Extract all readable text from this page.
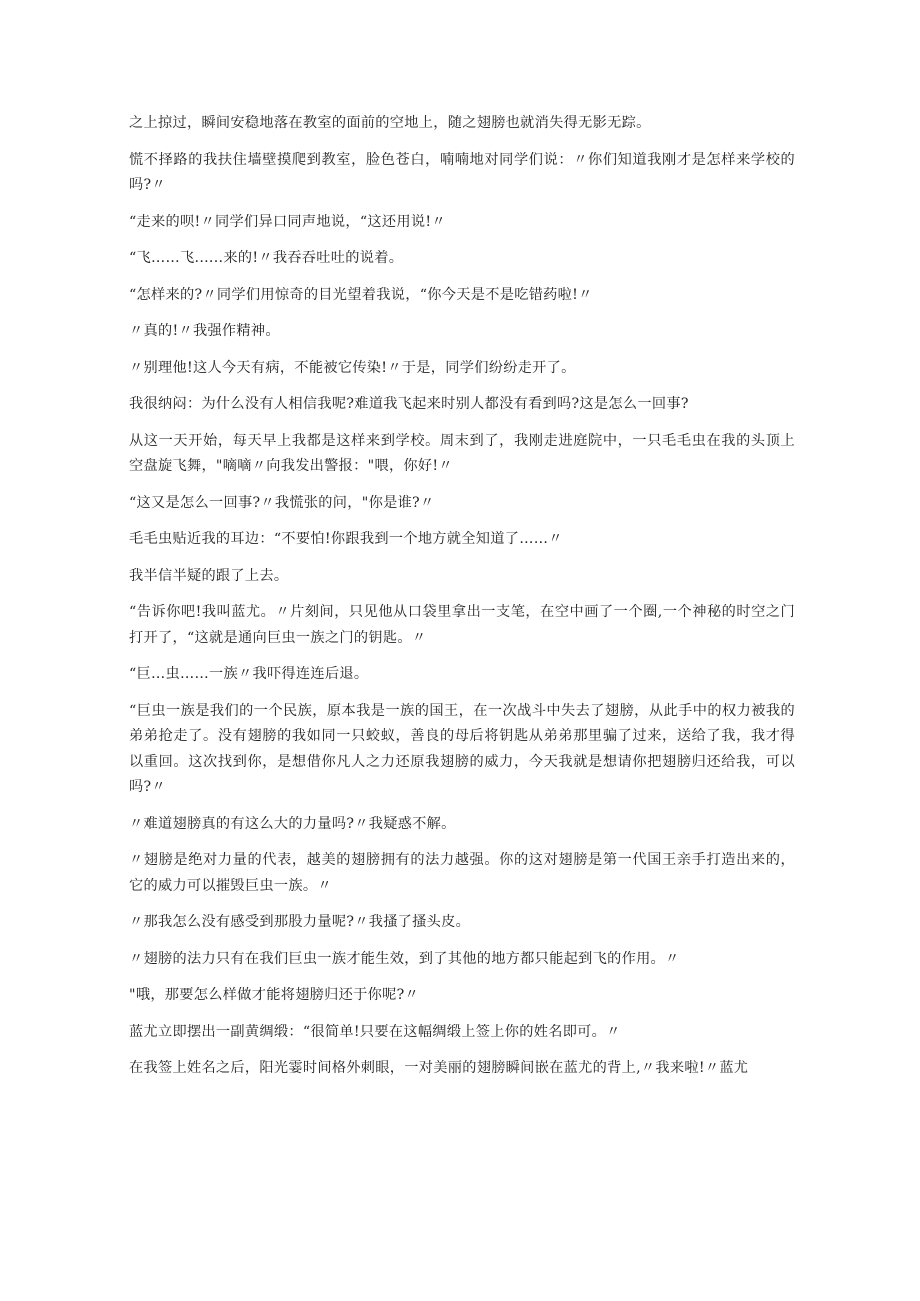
之上掠过，瞬间安稳地落在教室的面前的空地上，随之翅膀也就消失得无影无踪。

慌不择路的我扶住墙壁摸爬到教室，脸色苍白，喃喃地对同学们说：〃你们知道我刚才是怎样来学校的吗?〃

“走来的呗!〃同学们异口同声地说，“这还用说!〃

“飞……飞......来的!〃我吞吞吐吐的说着。

“怎样来的?〃同学们用惊奇的目光望着我说，“你今天是不是吃错药啦!〃

〃真的!〃我强作精神。

〃别理他!这人今天有病，不能被它传染!〃于是，同学们纷纷走开了。

我很纳闷：为什么没有人相信我呢?难道我飞起来时别人都没有看到吗?这是怎么一回事?

从这一天开始，每天早上我都是这样来到学校。周末到了，我刚走进庭院中，一只毛毛虫在我的头顶上空盘旋飞舞，"嘀嘀〃向我发出警报："喂，你好!〃

“这又是怎么一回事?〃我慌张的问，"你是谁?〃

毛毛虫贴近我的耳边：“不要怕!你跟我到一个地方就全知道了……〃

我半信半疑的跟了上去。

“告诉你吧!我叫蓝尤。〃片刻间，只见他从口袋里拿出一支笔，在空中画了一个圈,一个神秘的时空之门打开了，“这就是通向巨虫一族之门的钥匙。〃

“巨…虫……一族〃我吓得连连后退。

“巨虫一族是我们的一个民族，原本我是一族的国王，在一次战斗中失去了翅膀，从此手中的权力被我的弟弟抢走了。没有翅膀的我如同一只蛟蚁，善良的母后将钥匙从弟弟那里骗了过来，送给了我，我才得以重回。这次找到你，是想借你凡人之力还原我翅膀的威力，今天我就是想请你把翅膀归还给我，可以吗?〃

〃难道翅膀真的有这么大的力量吗?〃我疑惑不解。

〃翅膀是绝对力量的代表，越美的翅膀拥有的法力越强。你的这对翅膀是第一代国王亲手打造出来的，它的威力可以摧毁巨虫一族。〃

〃那我怎么没有感受到那股力量呢?〃我搔了搔头皮。

〃翅膀的法力只有在我们巨虫一族才能生效，到了其他的地方都只能起到飞的作用。〃

"哦，那要怎么样做才能将翅膀归还于你呢?〃

蓝尤立即摆出一副黄绸缎：“很简单!只要在这幅绸缎上签上你的姓名即可。〃

在我签上姓名之后，阳光霎时间格外刺眼，一对美丽的翅膀瞬间嵌在蓝尤的背上,〃我来啦!〃蓝尤
